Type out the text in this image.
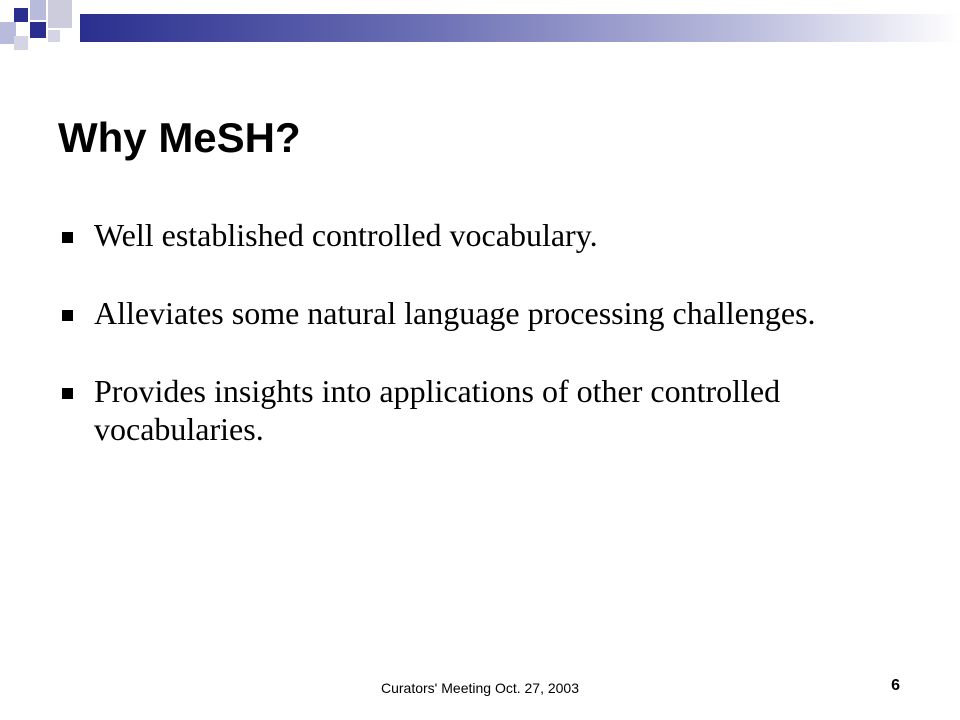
Why MeSH?
Well established controlled vocabulary.
Alleviates some natural language processing challenges.
Provides insights into applications of other controlled vocabularies.
Curators' Meeting Oct. 27, 2003	6
